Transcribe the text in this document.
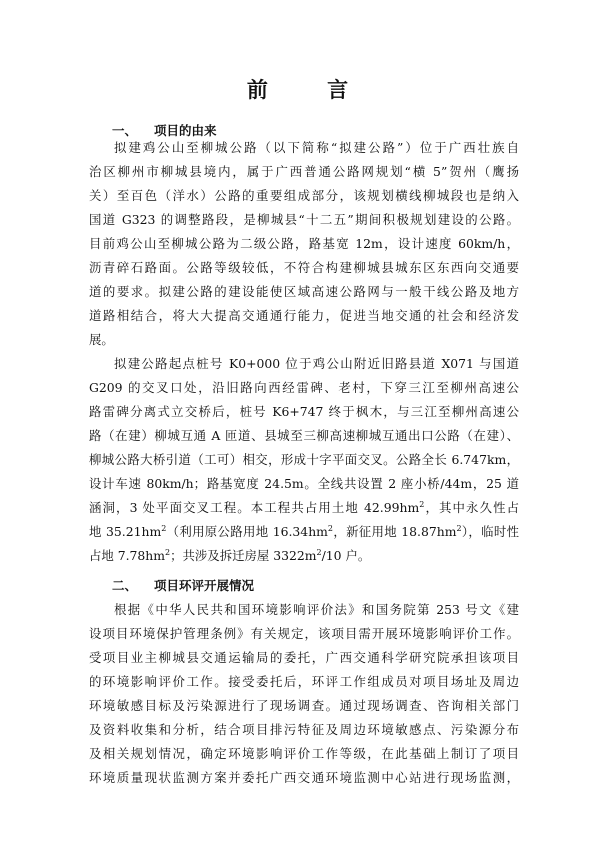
前 言
一、 项目的由来
拟建鸡公山至柳城公路（以下简称“拟建公路”）位于广西壮族自
治区柳州市柳城县境内，属于广西普通公路网规划“横 5”贺州（鹰扬
关）至百色（洋水）公路的重要组成部分，该规划横线柳城段也是纳入
国道 G323 的调整路段，是柳城县“十二五”期间积极规划建设的公路。
目前鸡公山至柳城公路为二级公路，路基宽 12m，设计速度 60km/h，
沥青碎石路面。公路等级较低，不符合构建柳城县城东区东西向交通要
道的要求。拟建公路的建设能使区域高速公路网与一般干线公路及地方
道路相结合，将大大提高交通通行能力，促进当地交通的社会和经济发
展。
拟建公路起点桩号 K0+000 位于鸡公山附近旧路县道 X071 与国道
G209 的交叉口处，沿旧路向西经雷碑、老村，下穿三江至柳州高速公
路雷碑分离式立交桥后，桩号 K6+747 终于枫木，与三江至柳州高速公
路（在建）柳城互通 A 匝道、县城至三柳高速柳城互通出口公路（在建）、
柳城公路大桥引道（工可）相交，形成十字平面交叉。公路全长 6.747km，
设计车速 80km/h；路基宽度 24.5m。全线共设置 2 座小桥/44m，25 道
涵洞，3 处平面交叉工程。本工程共占用土地 $42.99hm^2$，其中永久性占
地 $35.21hm^2$（利用原公路用地 $16.34hm^2$，新征用地 $18.87hm^2$），临时性
占地 $7.78hm^2$；共涉及拆迁房屋 $3322m^2/10$ 户。
二、 项目环评开展情况
根据《中华人民共和国环境影响评价法》和国务院第 253 号文《建
设项目环境保护管理条例》有关规定，该项目需开展环境影响评价工作。
受项目业主柳城县交通运输局的委托，广西交通科学研究院承担该项目
的环境影响评价工作。接受委托后，环评工作组成员对项目场址及周边
环境敏感目标及污染源进行了现场调查。通过现场调查、咨询相关部门
及资料收集和分析，结合项目排污特征及周边环境敏感点、污染源分布
及相关规划情况，确定环境影响评价工作等级，在此基础上制订了项目
环境质量现状监测方案并委托广西交通环境监测中心站进行现场监测，
